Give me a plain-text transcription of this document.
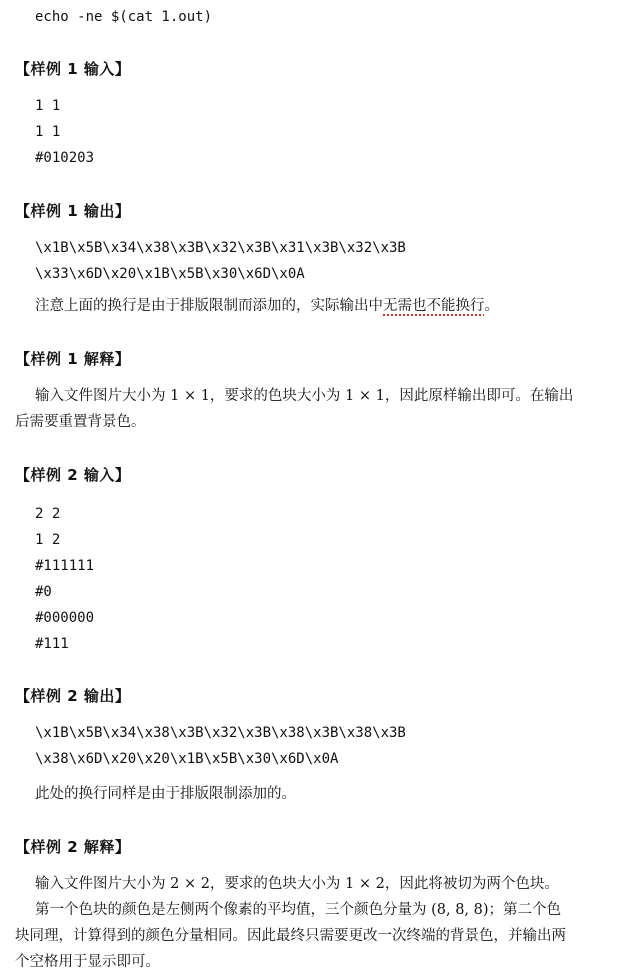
echo -ne $(cat 1.out)
【样例 1 输入】
1 1
1 1
#010203
【样例 1 输出】
\x1B\x5B\x34\x38\x3B\x32\x3B\x31\x3B\x32\x3B
\x33\x6D\x20\x1B\x5B\x30\x6D\x0A
注意上面的换行是由于排版限制而添加的，实际输出中无需也不能换行。
【样例 1 解释】
输入文件图片大小为 1 × 1，要求的色块大小为 1 × 1，因此原样输出即可。在输出
后需要重置背景色。
【样例 2 输入】
2 2
1 2
#111111
#0
#000000
#111
【样例 2 输出】
\x1B\x5B\x34\x38\x3B\x32\x3B\x38\x3B\x38\x3B
\x38\x6D\x20\x20\x1B\x5B\x30\x6D\x0A
此处的换行同样是由于排版限制添加的。
【样例 2 解释】
输入文件图片大小为 2 × 2，要求的色块大小为 1 × 2，因此将被切为两个色块。
第一个色块的颜色是左侧两个像素的平均值，三个颜色分量为 (8, 8, 8)；第二个色
块同理，计算得到的颜色分量相同。因此最终只需要更改一次终端的背景色，并输出两
个空格用于显示即可。
